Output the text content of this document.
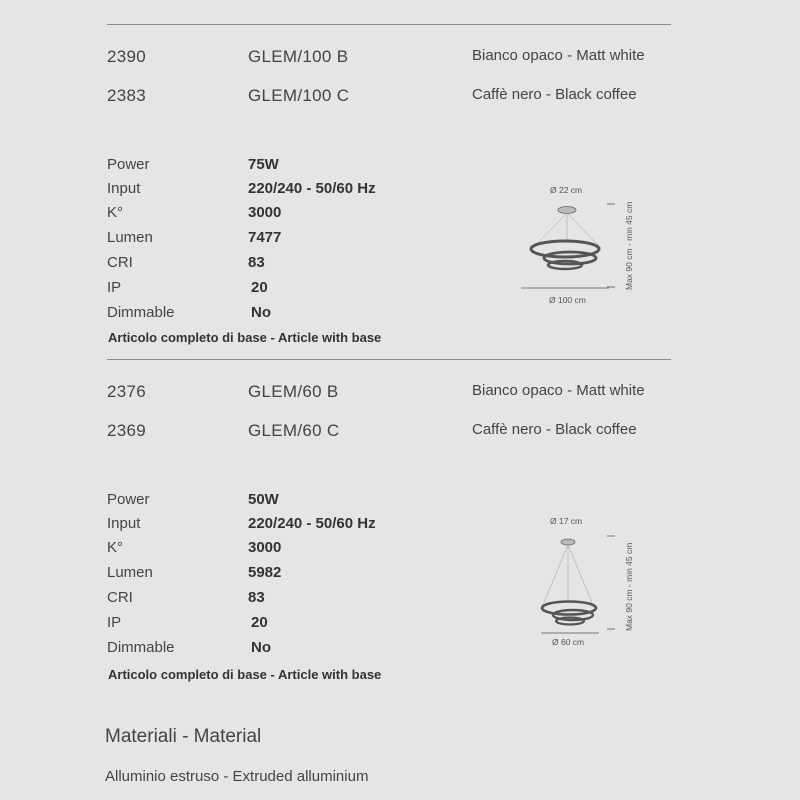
2390	GLEM/100 B	Bianco opaco - Matt white
2383	GLEM/100 C	Caffè nero - Black coffee
Power	75W
Input	220/240 - 50/60 Hz
K°	3000
Lumen	7477
CRI	83
IP	20
Dimmable	No
Articolo completo di base - Article with base
Ø 22 cm
Max 90 cm - min 45 cm
Ø 100 cm
2376	GLEM/60 B	Bianco opaco - Matt white
2369	GLEM/60 C	Caffè nero - Black coffee
Power	50W
Input	220/240 - 50/60 Hz
K°	3000
Lumen	5982
CRI	83
IP	20
Dimmable	No
Articolo completo di base - Article with base
Ø 17 cm
Max 90 cm - min 45 cm
Ø 60 cm
Materiali - Material
Alluminio estruso - Extruded alluminium
